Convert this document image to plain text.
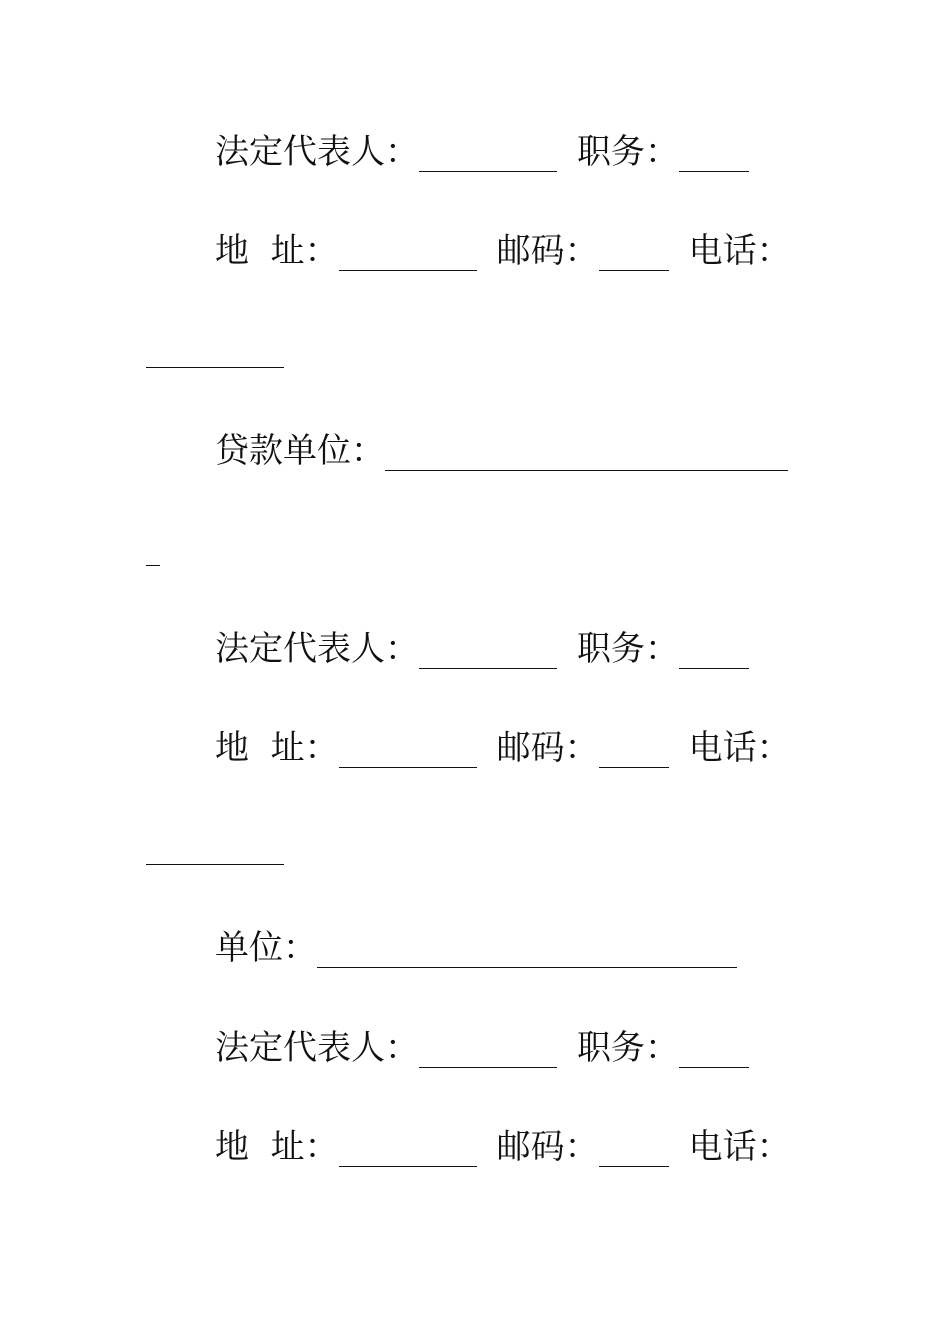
法定代表人：	职务：
地  址：	邮码：	电话：
贷款单位：
法定代表人：	职务：
地  址：	邮码：	电话：
单位：
法定代表人：	职务：
地  址：	邮码：	电话：
